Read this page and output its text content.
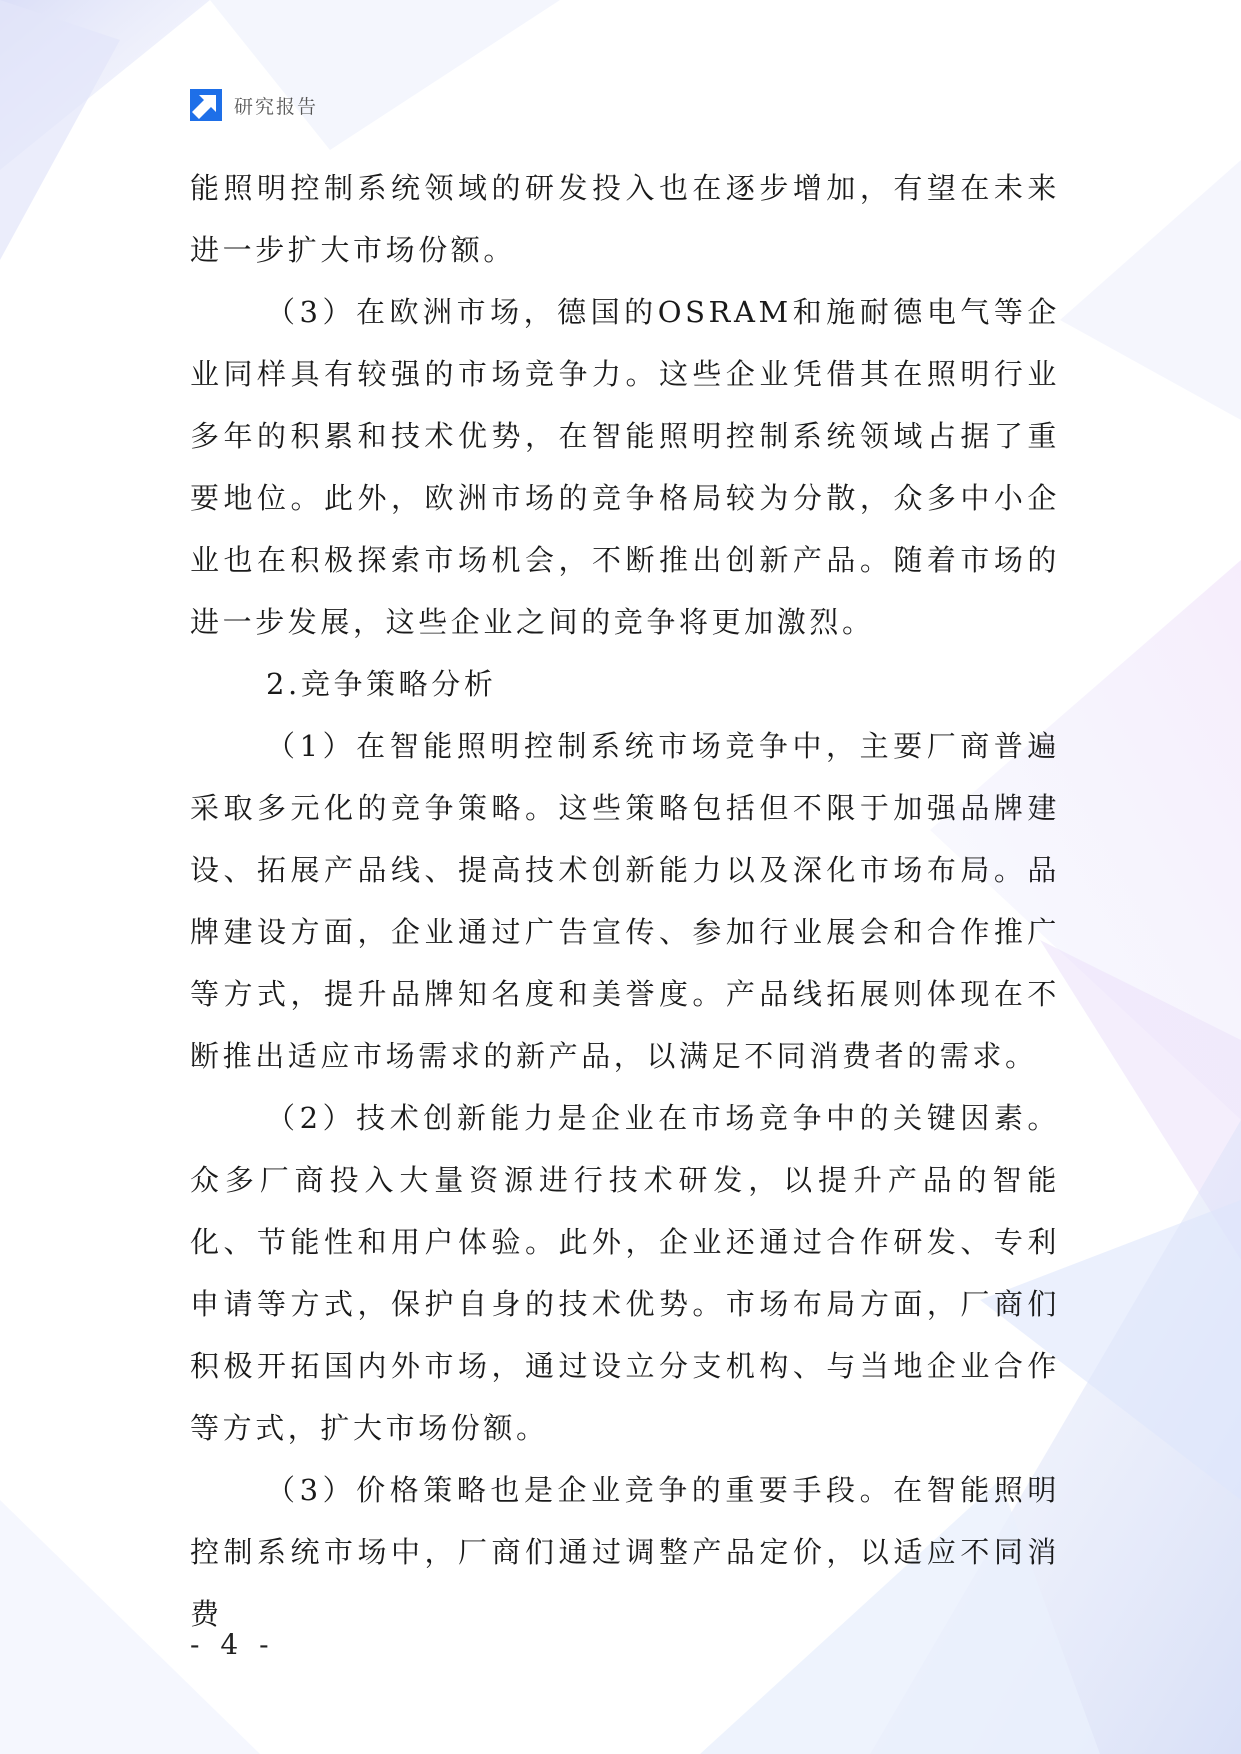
研究报告

能照明控制系统领域的研发投入也在逐步增加，有望在未来进一步扩大市场份额。

（3）在欧洲市场，德国的OSRAM和施耐德电气等企业同样具有较强的市场竞争力。这些企业凭借其在照明行业多年的积累和技术优势，在智能照明控制系统领域占据了重要地位。此外，欧洲市场的竞争格局较为分散，众多中小企业也在积极探索市场机会，不断推出创新产品。随着市场的进一步发展，这些企业之间的竞争将更加激烈。

2.竞争策略分析

（1）在智能照明控制系统市场竞争中，主要厂商普遍采取多元化的竞争策略。这些策略包括但不限于加强品牌建设、拓展产品线、提高技术创新能力以及深化市场布局。品牌建设方面，企业通过广告宣传、参加行业展会和合作推广等方式，提升品牌知名度和美誉度。产品线拓展则体现在不断推出适应市场需求的新产品，以满足不同消费者的需求。

（2）技术创新能力是企业在市场竞争中的关键因素。众多厂商投入大量资源进行技术研发，以提升产品的智能化、节能性和用户体验。此外，企业还通过合作研发、专利申请等方式，保护自身的技术优势。市场布局方面，厂商们积极开拓国内外市场，通过设立分支机构、与当地企业合作等方式，扩大市场份额。

（3）价格策略也是企业竞争的重要手段。在智能照明控制系统市场中，厂商们通过调整产品定价，以适应不同消费

- 4 -
